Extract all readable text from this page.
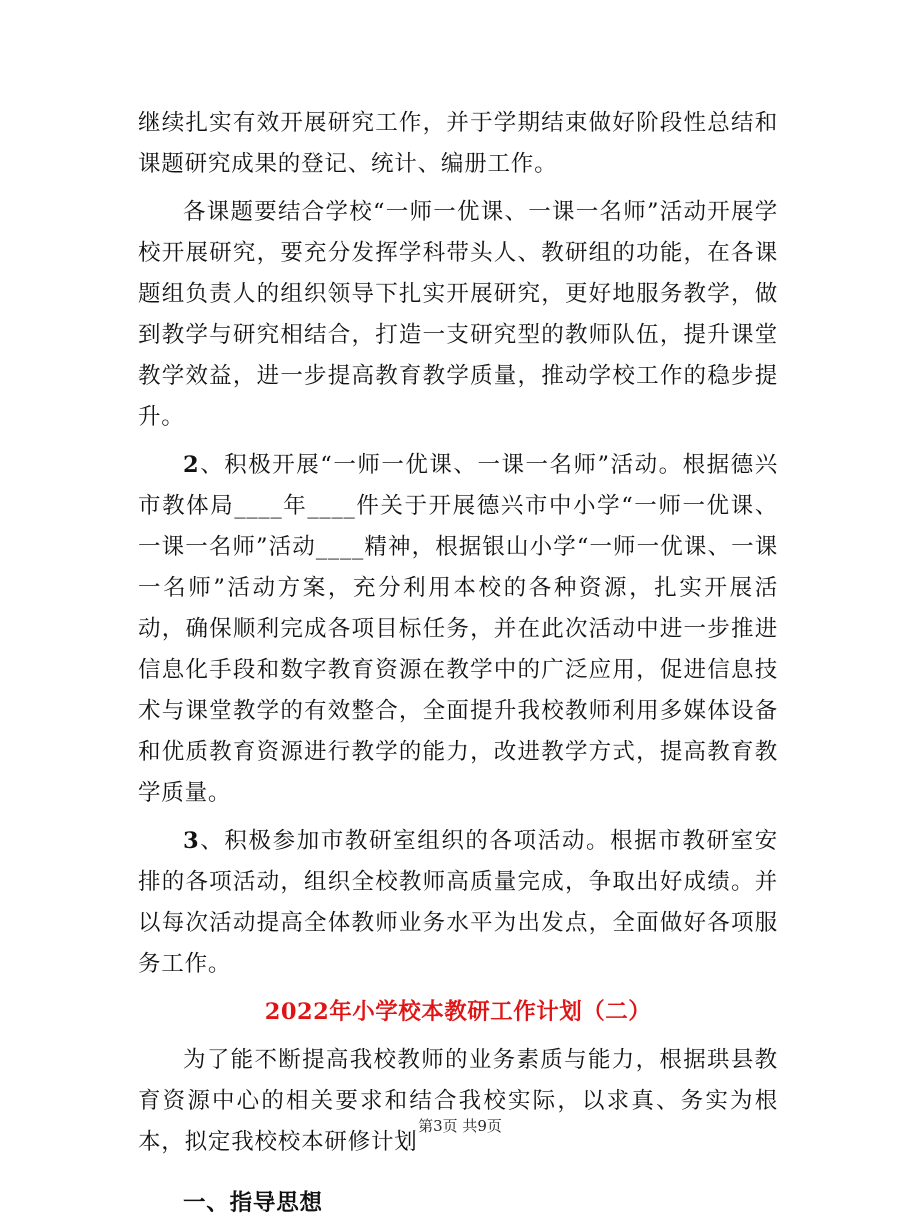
继续扎实有效开展研究工作，并于学期结束做好阶段性总结和课题研究成果的登记、统计、编册工作。

各课题要结合学校“一师一优课、一课一名师”活动开展学校开展研究，要充分发挥学科带头人、教研组的功能，在各课题组负责人的组织领导下扎实开展研究，更好地服务教学，做到教学与研究相结合，打造一支研究型的教师队伍，提升课堂教学效益，进一步提高教育教学质量，推动学校工作的稳步提升。

2、积极开展“一师一优课、一课一名师”活动。根据德兴市教体局____年____件关于开展德兴市中小学“一师一优课、一课一名师”活动____精神，根据银山小学“一师一优课、一课一名师”活动方案，充分利用本校的各种资源，扎实开展活动，确保顺利完成各项目标任务，并在此次活动中进一步推进信息化手段和数字教育资源在教学中的广泛应用，促进信息技术与课堂教学的有效整合，全面提升我校教师利用多媒体设备和优质教育资源进行教学的能力，改进教学方式，提高教育教学质量。

3、积极参加市教研室组织的各项活动。根据市教研室安排的各项活动，组织全校教师高质量完成，争取出好成绩。并以每次活动提高全体教师业务水平为出发点，全面做好各项服务工作。

2022年小学校本教研工作计划（二）

为了能不断提高我校教师的业务素质与能力，根据珙县教育资源中心的相关要求和结合我校实际，以求真、务实为根本，拟定我校校本研修计划

一、指导思想
第3页 共9页
